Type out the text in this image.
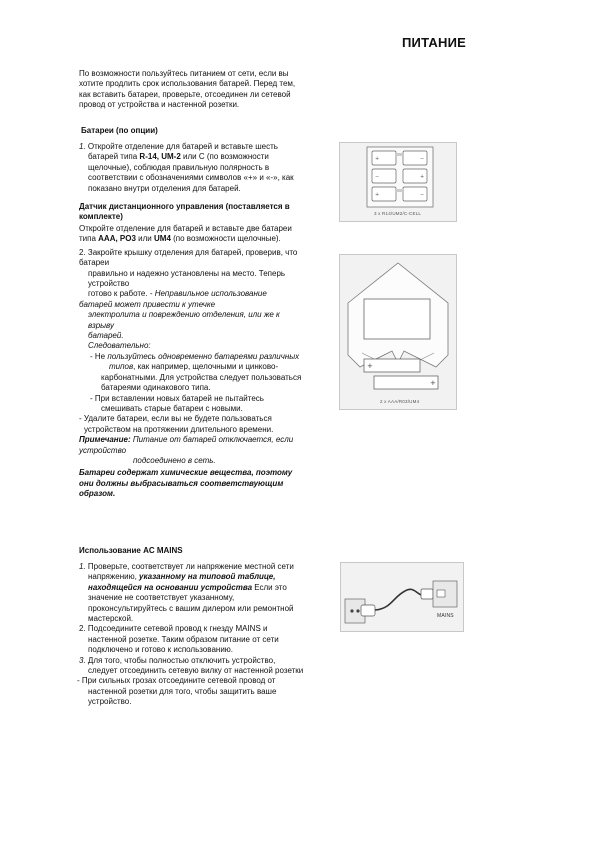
ПИТАНИЕ

По возможности пользуйтесь питанием от сети, если вы

хотите продлить срок использования батарей. Перед тем,

как вставить батареи, проверьте, отсоединен ли сетевой

провод от устройства и настенной розетки.

Батареи (по опции)

1. Откройте отделение для батарей и вставьте шесть

батарей типа R-14, UM-2 или C (по возможности

щелочные), соблюдая правильную полярность в

соответствии с обозначениями символов «+» и «-», как

показано внутри отделения для батарей.

Датчик дистанционного управления (поставляется в

комплекте)

Откройте отделение для батарей и вставьте две батареи

типа AAA, PO3 или UM4 (по возможности щелочные).

2. Закройте крышку отделения для батарей, проверив, что

батареи

правильно и надежно установлены на место. Теперь

устройство

готово к работе. - Неправильное использование

батарей может привести к утечке

электролита и повреждению отделения, или же к

взрыву

батарей.

Следовательно:

- Не пользуйтесь одновременно батареями различных

типов, как например, щелочными и цинково-

карбонатными. Для устройства следует пользоваться

батареями одинакового типа.

- При вставлении новых батарей не пытайтесь

смешивать старые батареи с новыми.

- Удалите батареи, если вы не будете пользоваться

устройством на протяжении длительного времени.

Примечание: Питание от батарей отключается, если

устройство

подсоединено в сеть.

Батареи содержат химические вещества, поэтому

они должны выбрасываться соответствующим

образом.

Использование AC MAINS

1. Проверьте, соответствует ли напряжение местной сети

напряжению, указанному на типовой таблице,

находящейся на основании устройства Если это

значение не соответствует указанному,

проконсультируйтесь с вашим дилером или ремонтной

мастерской.

2. Подсоедините сетевой провод к гнезду MAINS и

настенной розетке. Таким образом питание от сети

подключено и готово к использованию.

3. Для того, чтобы полностью отключить устройство,

следует отсоединить сетевую вилку от настенной розетки

- При сильных грозах отсоедините сетевой провод от

настенной розетки для того, чтобы защитить ваше

устройство.

+	−
−	+
+	−
3 x R14/UM2/C-CELL
+
+
2 x AAA/R03/UM4
MAINS
